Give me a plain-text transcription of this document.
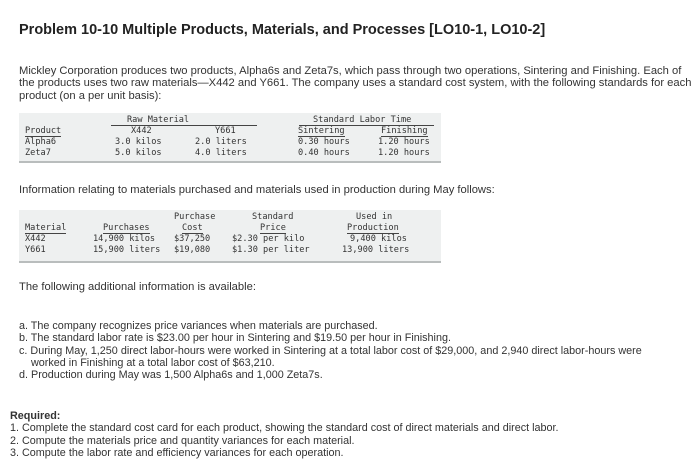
Problem 10-10 Multiple Products, Materials, and Processes [LO10-1, LO10-2]
Mickley Corporation produces two products, Alpha6s and Zeta7s, which pass through two operations, Sintering and Finishing. Each of the products uses two raw materials—X442 and Y661. The company uses a standard cost system, with the following standards for each product (on a per unit basis):
Raw Material	Standard Labor Time
Product	X442	Y661	Sintering	Finishing
Alpha6	3.0 kilos	2.0 liters	0.30 hours	1.20 hours
Zeta7	5.0 kilos	4.0 liters	0.40 hours	1.20 hours
Information relating to materials purchased and materials used in production during May follows:
Purchase	Standard	Used in
Material	Purchases	Cost	Price	Production
X442	14,900 kilos $37,250	$2.30 per kilo	9,400 kilos
Y661	15,900 liters $19,080	$1.30 per liter	13,900 liters
The following additional information is available:
a. The company recognizes price variances when materials are purchased.
b. The standard labor rate is $23.00 per hour in Sintering and $19.50 per hour in Finishing.
c. During May, 1,250 direct labor-hours were worked in Sintering at a total labor cost of $29,000, and 2,940 direct labor-hours were
worked in Finishing at a total labor cost of $63,210.
d. Production during May was 1,500 Alpha6s and 1,000 Zeta7s.
Required:
1. Complete the standard cost card for each product, showing the standard cost of direct materials and direct labor.
2. Compute the materials price and quantity variances for each material.
3. Compute the labor rate and efficiency variances for each operation.
